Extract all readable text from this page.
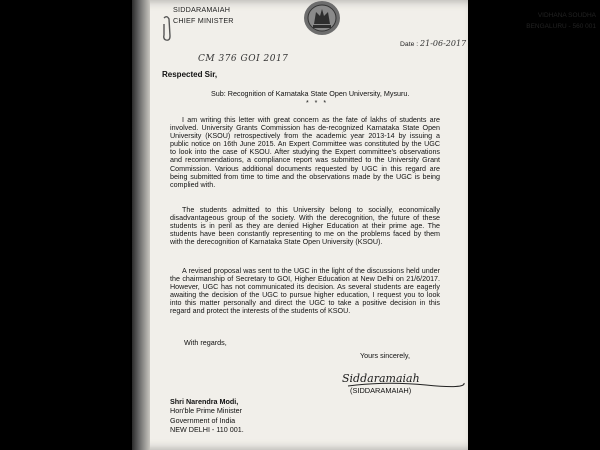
SIDDARAMAIAH
CHIEF MINISTER
VIDHANA SOUDHA
BENGALURU - 560 001
Date : 21-06-2017
CM 376 GOI 2017
Respected Sir,
Sub: Recognition of Karnataka State Open University, Mysuru.
* * *
I am writing this letter with great concern as the fate of lakhs of students are involved. University Grants Commission has de-recognized Karnataka State Open University (KSOU) retrospectively from the academic year 2013-14 by issuing a public notice on 16th June 2015. An Expert Committee was constituted by the UGC to look into the case of KSOU. After studying the Expert committee's observations and recommendations, a compliance report was submitted to the University Grant Commission. Various additional documents requested by UGC in this regard are being submitted from time to time and the observations made by the UGC is being complied with.
The students admitted to this University belong to socially, economically disadvantageous group of the society. With the derecognition, the future of these students is in peril as they are denied Higher Education at their prime age. The students have been constantly representing to me on the problems faced by them with the derecognition of Karnataka State Open University (KSOU).
A revised proposal was sent to the UGC in the light of the discussions held under the chairmanship of Secretary to GOI, Higher Education at New Delhi on 21/6/2017. However, UGC has not communicated its decision. As several students are eagerly awaiting the decision of the UGC to pursue higher education, I request you to look into this matter personally and direct the UGC to take a positive decision in this regard and protect the interests of the students of KSOU.
With regards,
Yours sincerely,
Siddaramaiah
(SIDDARAMAIAH)
Shri Narendra Modi,
Hon'ble Prime Minister
Government of India
NEW DELHI - 110 001.
